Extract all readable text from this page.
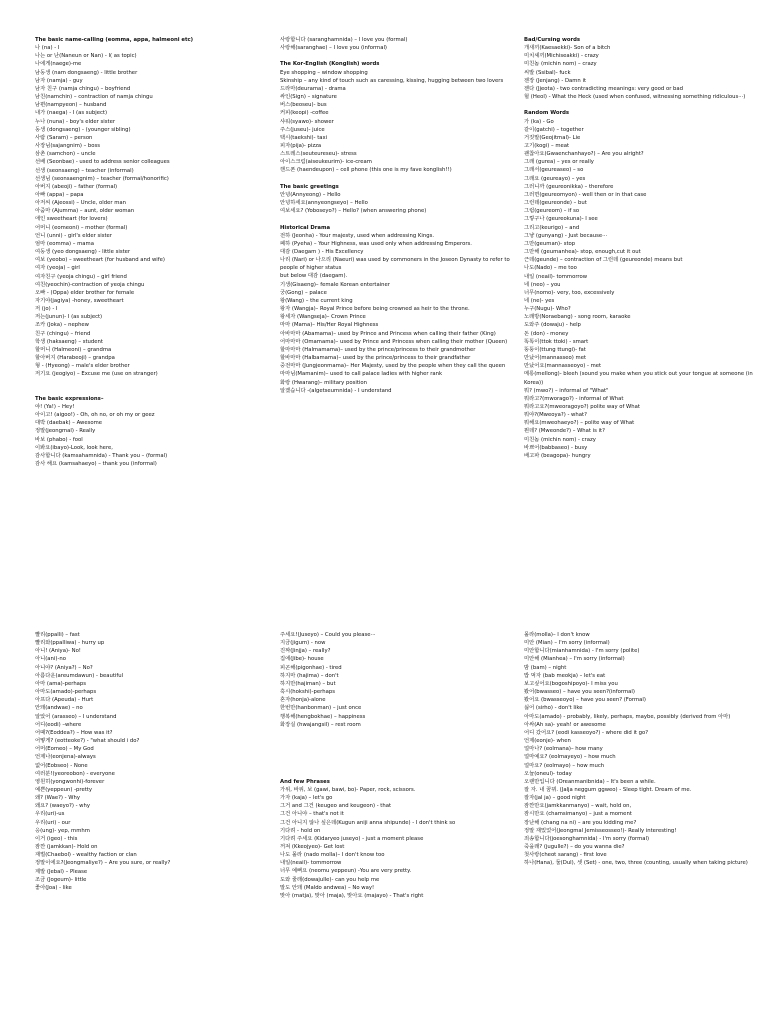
The basic name-calling (eomma, appa, halmeoni etc)
나 (na) - I
나는 or 난(Naneun or Nan) - I( as topic)
나에게(naege)-me
남동생 (nam dongsaeng) - little brother
남자 (namja) - guy
남자 친구 (namja chingu) – boyfriend
남친(namchin) – contraction of namja chingu
남편(nampyeon) – husband
내가 (naega) - I (as subject)
누나 (nuna) - boy's elder sister
동생 (dongsaeng) - (younger sibling)
사람 (Saram) – person
사장님(sajangnim) – boss
삼촌 (samchon) – uncle
선배 (Seonbae) - used to address senior colleagues
선생 (seonsaeng) – teacher (informal)
선생님 (seonsaengnim) – teacher (formal/honorific)
아버지 (abeoji) – father (formal)
아빠 (appa) – papa
아저씨 (Ajeossi) – Uncle, older man
아줌마 (Ajumma) – aunt, older woman
애인 sweetheart (for lovers)
어머니 (eomeoni) – mother (formal)
언니 (unni) - girl's elder sister
엄마 (eomma) – mama
여동생 (yeo dongsaeng) - little sister
여보 (yeobo) – sweetheart (for husband and wife)
여자 (yeoja) – girl
여자친구 (yeoja chingu) – girl friend
여친(yeochin)-contraction of yeoja chingu
오빠 - (Oppa) elder brother for female
자기야(jagiya) -honey, sweetheart
저 (jo) - I
저는(junun)- I (as subject)
조카 (Joka) – nephew
친구 (chingu) – friend
학생 (haksaeng) – student
할머니 (Halmeoni) – grandma
할아버지 (Harabeoji) – grandpa
형 - (Hyeong) – male's elder brother
저기요 (jeogiyo) – Excuse me (use on stranger)
The basic expressions–
야! (Ya!) – Hey!
아이고! (aigoo!) - Oh, oh no, or oh my or geez
대박 (daebak) – Awesome
정말(jeongmal) - Really
바보 (phabo) - fool
이봐요(ibayo)-Look, look here,
감사합니다 (kamsahamnida) - Thank you – (formal)
감사 해요 (kamsahaeyo) – thank you (informal)
사랑합니다 (saranghamnida) – I love you (formal)
사랑해(saranghae) – I love you (informal)
The Kor-English (Konglish) words
Eye shopping – window shopping
Skinship – any kind of touch such as caressing, kissing, hugging between two lovers
드라마(deurama) - drama
싸인(Sign) – signature
버스(beoseu)- bus
커피(keopi) -coffee
샤워(syawo)- shower
주스(juseu)- juice
택시(taekshi)- taxi
피자(pija)- pizza
스트레스(seuteureseu)- stress
아이스크림(aiseukeurim)- ice-cream
핸드폰 (haendeupon) – cell phone (this one is my fave konglish!!)
The basic greetings
안녕(Annyeong) – Hello
안녕하세요(annyeongseyo) – Hello
여보세요? (Yoboseyo?) – Hello? (when answering phone)
Historical Drama
전하 (Jeonha) - Your majesty, used when addressing Kings.
폐하 (Pyeha) – Your Highness, was used only when addressing Emperors.
대감 (Daegam ) - His Excellency
나리 (Nari) or 나으리 (Naeuri) was used by commoners in the Joseon Dynasty to refer to people of higher status
but below 대감 (daegam).
기생(Gisaeng)– female Korean entertainer
궁(Gong) – palace
왕(Wang) – the current king
왕자 (Wangja)– Royal Prince before being crowned as heir to the throne.
왕세자 (Wangseja)– Crown Prince
마마 (Mama)– His/Her Royal Highness
아바마마 (Abamama)– used by Prince and Princess when calling their father (King)
어마마마 (Omamama)– used by Prince and Princess when calling their mother (Queen)
할마마마 (Halmamama)– used by the prince/princess to their grandmother
할바마마 (Halbamama)– used by the prince/princess to their grandfather
중전마마 (Jungjeonmama)– Her Majesty, used by the people when they call the queen
마마님(Mamanim)– used to call palace ladies with higher rank
화랑 (Hwarang)– military position
알겠습니다 -(algetseumnida) - I understand
Bad/Cursing words
개새끼(Kaesaekki)- Son of a bitch
미치셰끼(Michiseakki) - crazy
미친놈 (michin nom) – crazy
씨발 (Ssibal)- fuck
젠장 (Jenjang) - Damn it
젠다 (Jjeota) - two contradicting meanings: very good or bad
헐 (Heol) - What the Heck (used when confused, witnessing something ridiculous···)
Random Words
가 (ka) - Go
같이(gatchi) – together
거짓말(Geojitmal)- Lie
고기(kogi) – meat
괜찮아요(Gwaenchanhayo?) – Are you alright?
그래 (gurea) – yes or really
그래서(geureaseo) – so
그래요 (geureayo) – yes
그러니까 (geureonikka) – therefore
그러면(geureomyon) - well then or in that case
그런데(geureonde) – but
그럼(geureom) – if so
그렇구나 (geureokuna)- I see
그리고(keurigo) – and
그냥 (gunyang) - Just because···
그만(geuman)- stop
그만해 (geumanhea)- stop, enough,cut it out
근데(geunde) – contraction of 그런데 (geureonde) means but
나도(Nado) – me too
내일 (neail)- tommorrow
네 (neo) – you
너무(nomo)- very, too, excessively
네 (ne)- yes
누구(Nugu)- Who?
노래방(Noraebang) - song room, karaoke
도와주 (dowaju) - help
돈 (don) - money
똑똑이(ttok ttoki) - smart
뚱뚱이(ttung ttungi)- fat
만났어(mannasseo) met
만났어요(mannasseoyo) - met
메롱(mellong)- bleeh (sound you make when you stick out your tongue at someone (in Korea))
뭐? (mwo?) – informal of "What"
뭐라고?(mworago?) - informal of What
뭐라고요?(mweoragoyo?) polite way of What
뭐야?(Mweoya?) - what?
뭐해요(mweohaeyo?) – polite way of What
뭔데? (Mweonde?) – What is it?
미친놈 (michin nom) - crazy
바쁘어(babbaseo) - busy
배고파 (beagopa)- hungry
빨리(ppalli) – fast
빨리와(ppalliwa) - hurry up
아니! (Aniya)- No!
아니(ani)-no
아니야? (Aniya?) – No?
아름다운(areumdawun) - beautiful
아마 (ama)-perhaps
아마도(amado)-perhaps
아프다 (Apeuda) - Hurt
안돼(andwae) – no
알았어 (arasseo) – I understand
어디(eodi) –where
어때?(Eoddea?) – How was it?
어떻게? (eotteoke?) - "what should i do?
어머(Eomeo) – My God
언제나(eonjena)-always
없어(Eobseo) - None
여러분!(yeoreobon) - everyone
영원히(yongwonhi)-forever
예쁜(yeppeun) -pretty
왜? (Wae?) - Why
왜요? (waeyo?) - why
우리(uri)-us
우리(uri) - our
응(ung)- yep, mmhm
이거 (igeo) - this
잠깐 (jamkkan)- Hold on
재벌(Chaebol) - wealthy faction or clan
정말이에요?(Jeongmaliye?) – Are you sure, or really?
제발 (Jebal) – Please
조금 (Jogeum)- little
좋아(Joa) - like
주세요!(Juseyo) – Could you please···
지금(jigum) - now
진짜(Jinjja) – really?
집에(Jibe)- house
피곤해(pigonhae) - tired
하지마 (hajima) – don't
하지만(hajiman) – but
혹시(hokshi)-perhaps
혼자(honja)-alone
한번만(hanbonman) – just once
행복해(hengbokhae) – happiness
화장실 (hwajangsil) – rest room
And few Phrases
가위, 바위, 보 (gawi, bawi, bo)- Paper, rock, scissors.
가자 (kaja) – let's go
그거 and 그건 (keugeo and keugeon) - that
그건 아니야 – that's not it
그건 아니지 않나 싶은데(Kugun aniji anna shipunde) - I don't think so
기다려 - hold on
기다려 주세요 (Kidaryeo juseyo) - just a moment please
꺼져 (Kkeojyeo)- Get lost
나도 몰라 (nado molla)– I don't know too
내일(neail)- tommorrow
너무 예뻐요 (neomu yeppeun) -You are very pretty.
도와 줄래(dowajulle)- can you help me
말도 안돼 (Maldo andwea) – No way!
맞아 (matja), 맞아 (maja), 맞아요 (majayo) - That's right
몰라(molla)– I don't know
미안 (Mian) – I'm sorry (informal)
미안합니다(mianhamnida) - I'm sorry (polite)
미안해 (Mianhea) – I'm sorry (informal)
밤 (bam) – night
밥 먹자 (bab meokja) – let's eat
보고싶어요(bogoshipoyo)- I miss you
봤어(bwasseo) – have you seen?(informal)
봤어요 (bwasseoyo) – have you seen? (Formal)
싫어 (sirho) - don't like
아마도(amado) - probably, likely, perhaps, maybe, possibly (derived from 아마)
아싸(Ah sa)- yeah! or awesome
어디 갔어요? (eodi kasseoyo?) - where did it go?
언제(eonje)- when
얼마나? (eolmana)– how many
얼마예요? (eolmayeyo) – how much
얼마요? (eolmayo) – how much
오늘(oneul)- today
오랜만입니다 (Oreanmanibnida) – It's been a while.
잘 자. 내 꿈꿔. (Jalja neggum ggweo) - Sleep tight. Dream of me.
잘자(jal ja) – good night
잠깐만요(jamkkanmanyo) – wait, hold on,
잠시만요 (chamsimanyo) – just a moment
장난해 (chang na ni) – are you kidding me?
정말 재밌었어(Jeongmal Jemisseosseo!)- Really interesting!
죄송합니다(joesonghamnida) - I'm sorry (formal)
죽을래? (jugulle?) – do you wanna die?
첫사랑(cheot sarang) - first love
하나(Hana), 둘(Dul), 셋 (Set) - one, two, three (counting, usually when taking picture)
